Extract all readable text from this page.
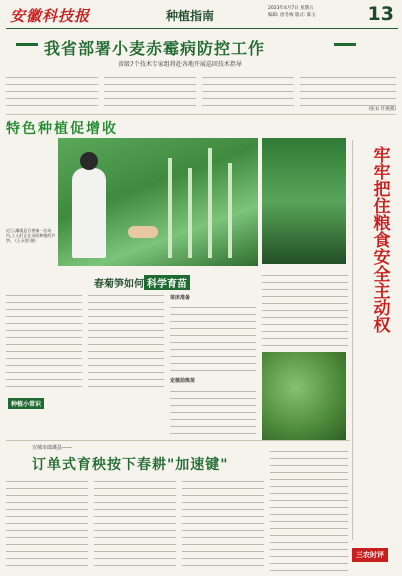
安徽科技报	种植指南
2023年4月7日 星期五
编辑: 唐冬梅 版式: 陈玉	13
我省部署小麦赤霉病防控工作
省级7个技术专家组将赴各地开展巡回技术指导
(张衣 许燕燕)
特色种植促增收
近日,濉溪县百善镇一农场内,工人们正在采收种植的芦笋。 (王永朋 摄)
牢
牢
把
住
粮
食
安
全
主
动
权
春菊笋如何 科学育苗
苗床准备
定植前炼苗
种植小常识
宣城市郎溪县——
订单式育秧按下春耕"加速键"
三农时评
